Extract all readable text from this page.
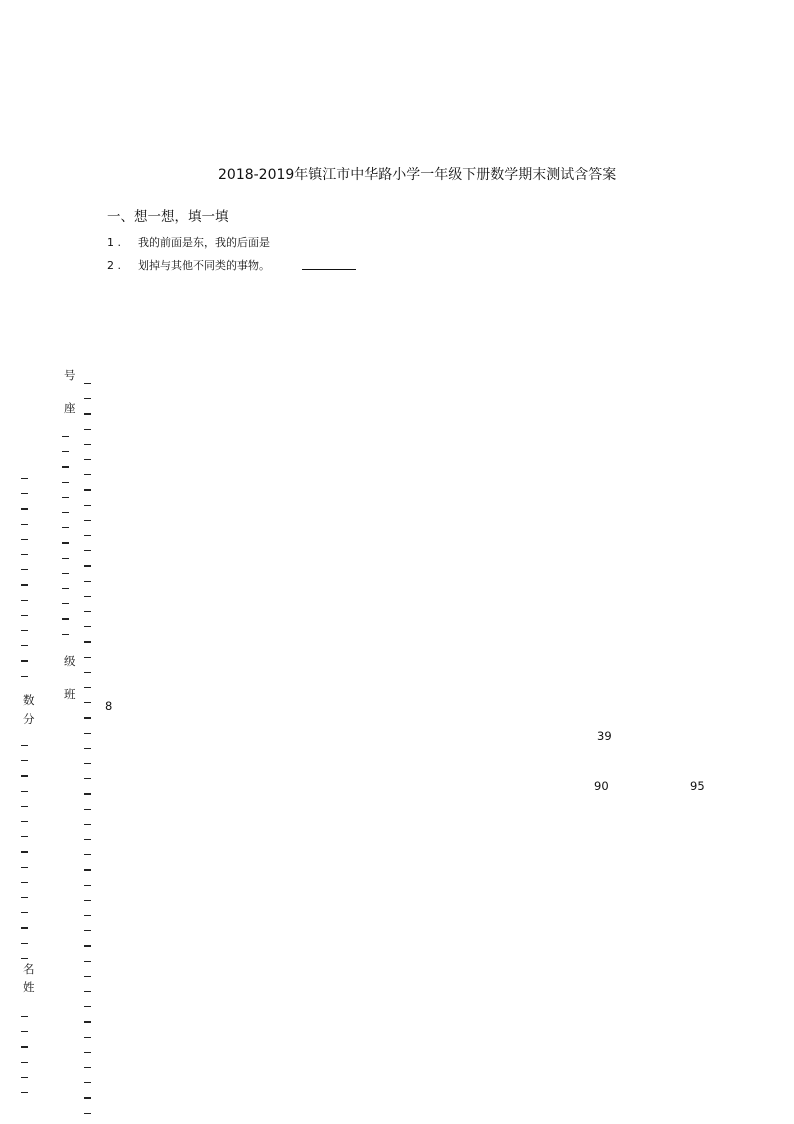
2018-2019年镇江市中华路小学一年级下册数学期末测试含答案
一、想一想，填一填
1 . 我的前面是东，我的后面是
2 . 划掉与其他不同类的事物。
8
39
90	95
号
座
级
班
数
分
名
姓
